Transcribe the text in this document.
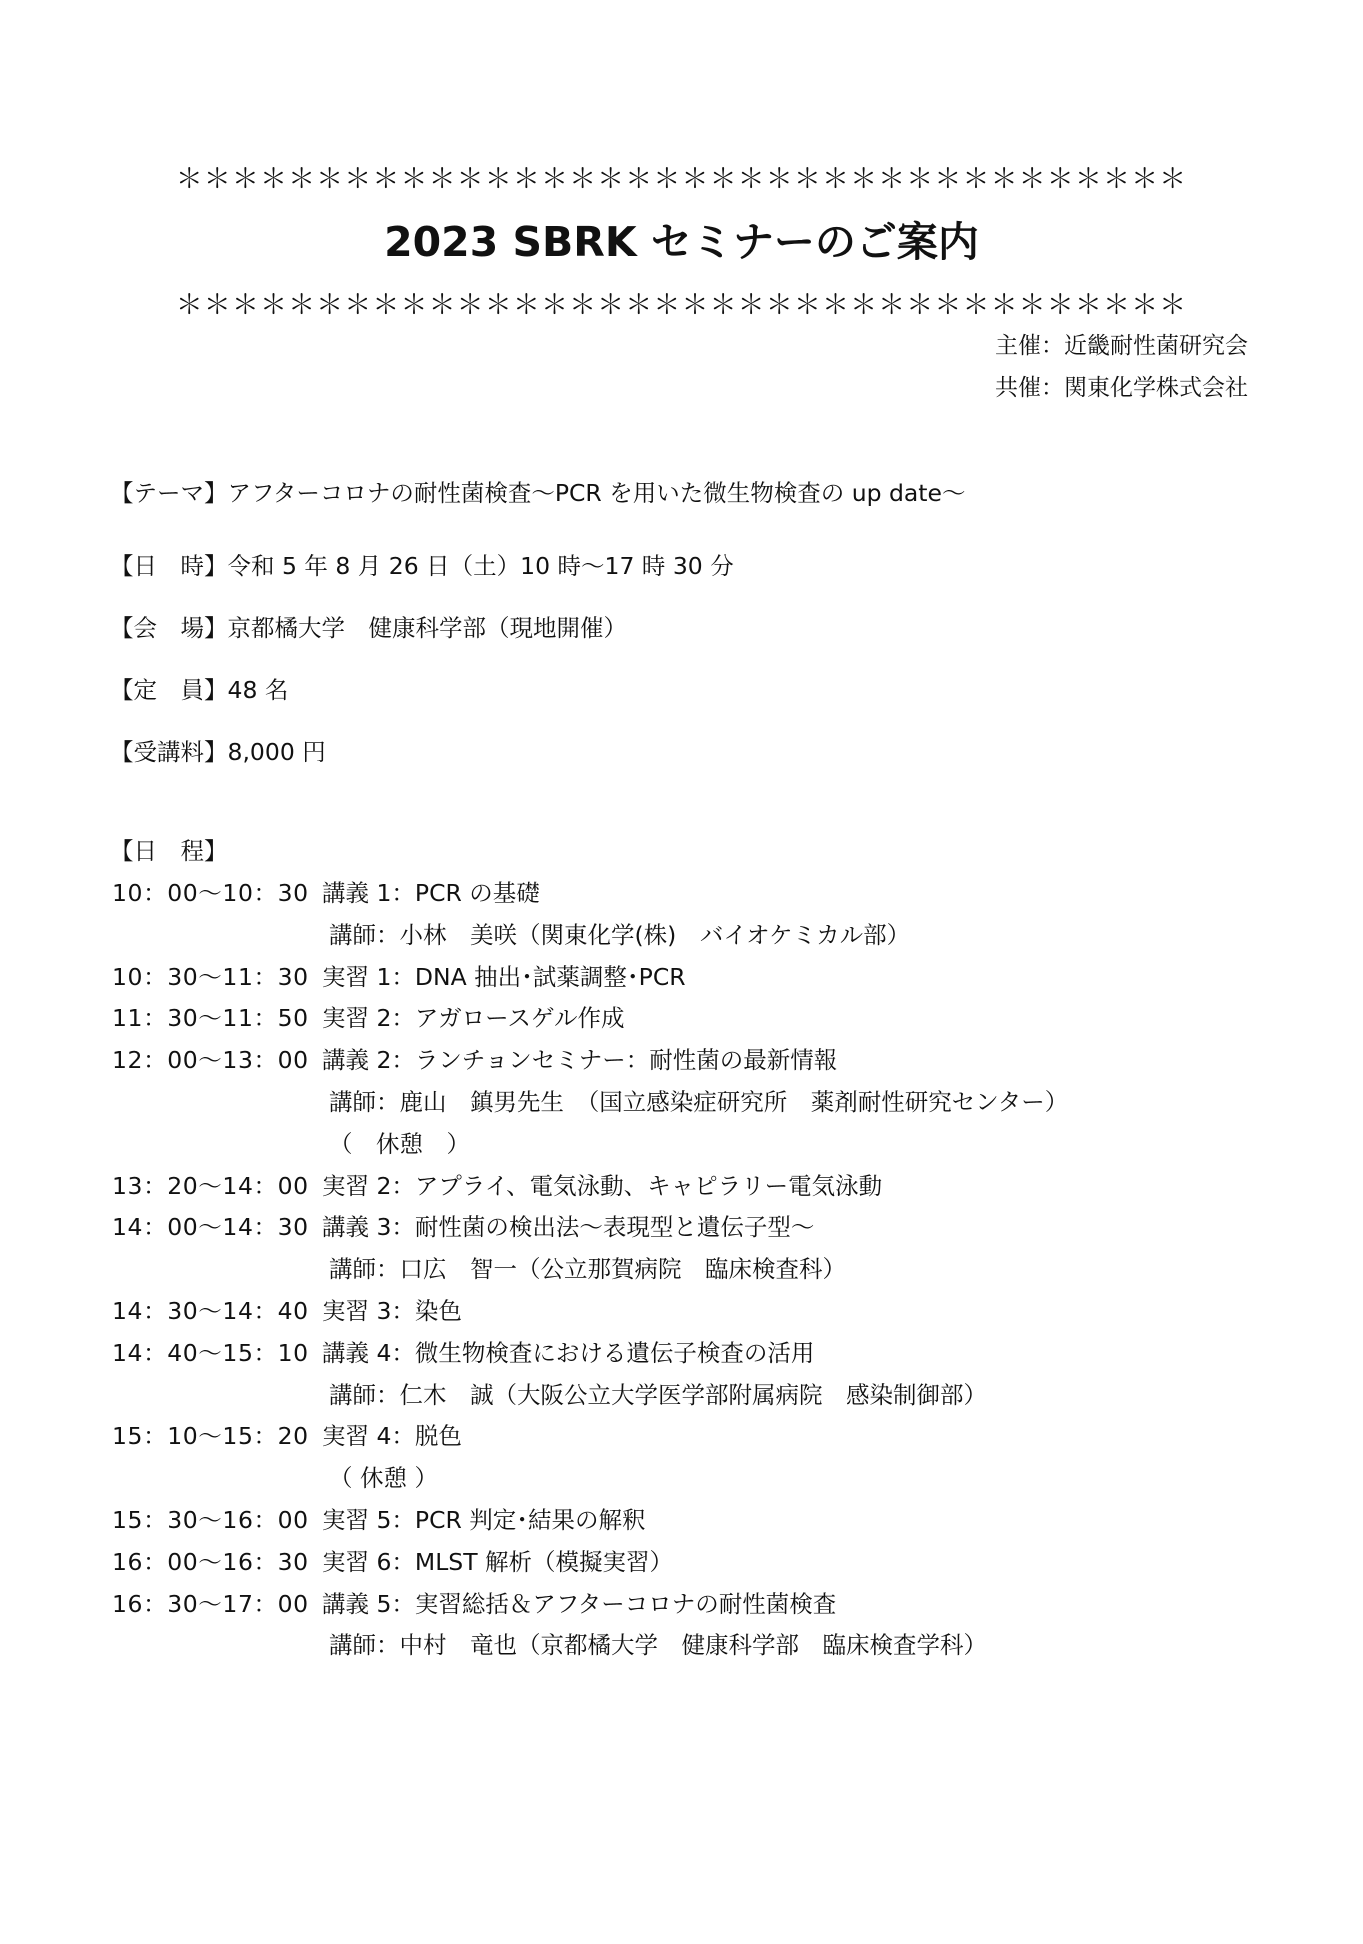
＊＊＊＊＊＊＊＊＊＊＊＊＊＊＊＊＊＊＊＊＊＊＊＊＊＊＊＊＊＊＊＊＊＊＊＊
2023 SBRK セミナーのご案内
＊＊＊＊＊＊＊＊＊＊＊＊＊＊＊＊＊＊＊＊＊＊＊＊＊＊＊＊＊＊＊＊＊＊＊＊
主催：近畿耐性菌研究会
共催：関東化学株式会社
【テーマ】アフターコロナの耐性菌検査～PCR を用いた微生物検査の up date～
【日　時】令和 5 年 8 月 26 日（土）10 時～17 時 30 分
【会　場】京都橘大学　健康科学部（現地開催）
【定　員】48 名
【受講料】8,000 円
【日　程】
10：00～10：30 講義 1：PCR の基礎
講師：小林　美咲（関東化学(株)　バイオケミカル部）
10：30～11：30 実習 1：DNA 抽出･試薬調整･PCR
11：30～11：50 実習 2：アガロースゲル作成
12：00～13：00 講義 2：ランチョンセミナー：耐性菌の最新情報
講師：鹿山　鎮男先生　（国立感染症研究所　薬剤耐性研究センター）
（　休憩　）
13：20～14：00 実習 2：アプライ、電気泳動、キャピラリー電気泳動
14：00～14：30 講義 3：耐性菌の検出法～表現型と遺伝子型～
講師：口広　智一（公立那賀病院　臨床検査科）
14：30～14：40 実習 3：染色
14：40～15：10 講義 4：微生物検査における遺伝子検査の活用
講師：仁木　誠（大阪公立大学医学部附属病院　感染制御部）
15：10～15：20 実習 4：脱色
（ 休憩 ）
15：30～16：00 実習 5：PCR 判定･結果の解釈
16：00～16：30 実習 6：MLST 解析（模擬実習）
16：30～17：00 講義 5：実習総括＆アフターコロナの耐性菌検査
講師：中村　竜也（京都橘大学　健康科学部　臨床検査学科）
